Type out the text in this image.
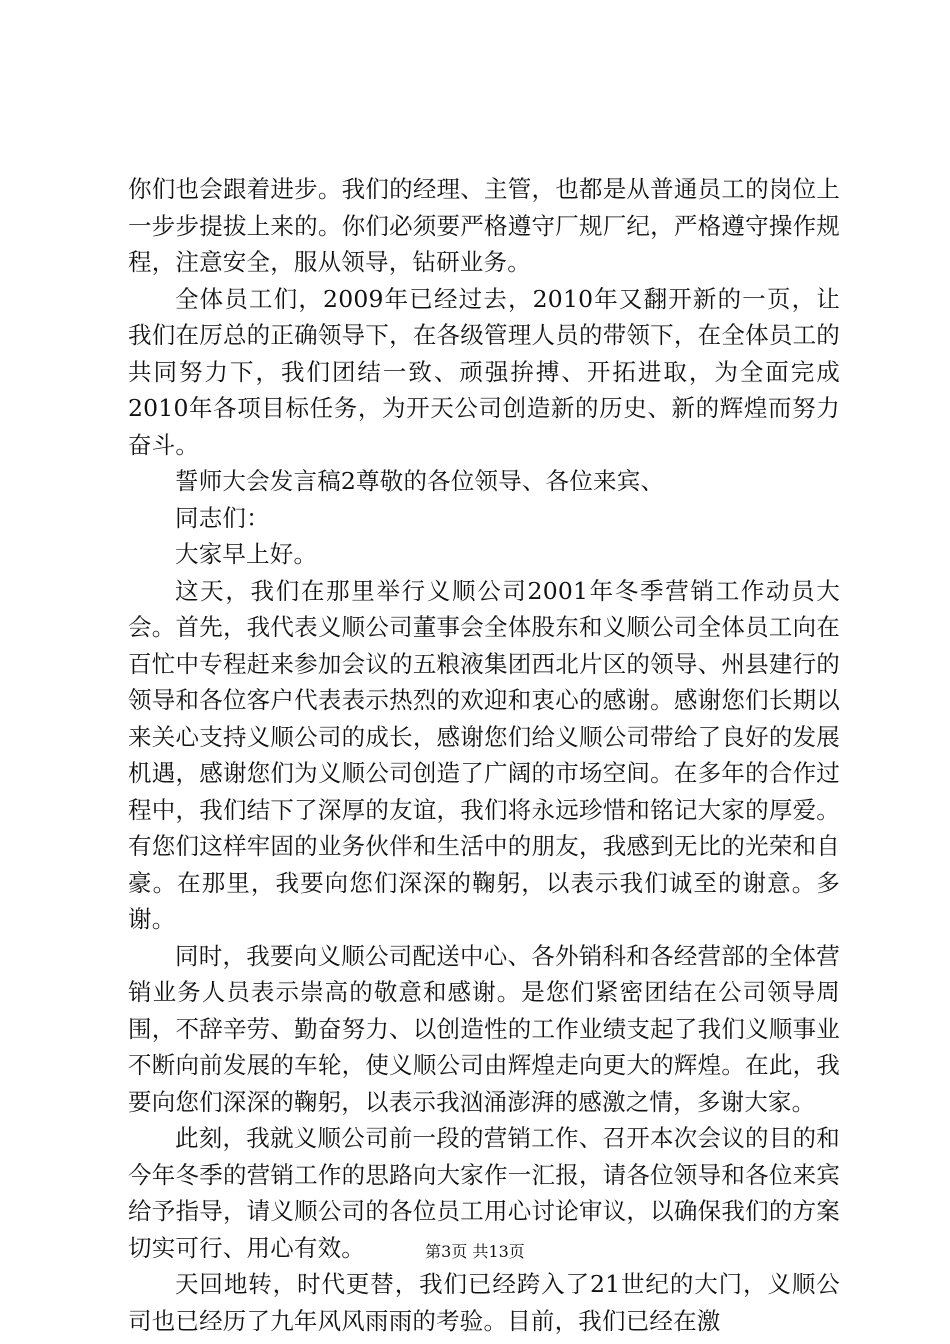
你们也会跟着进步。我们的经理、主管，也都是从普通员工的岗位上一步步提拔上来的。你们必须要严格遵守厂规厂纪，严格遵守操作规程，注意安全，服从领导，钻研业务。

全体员工们，2009年已经过去，2010年又翻开新的一页，让我们在厉总的正确领导下，在各级管理人员的带领下，在全体员工的共同努力下，我们团结一致、顽强拚搏、开拓进取，为全面完成2010年各项目标任务，为开天公司创造新的历史、新的辉煌而努力奋斗。

誓师大会发言稿2尊敬的各位领导、各位来宾、

同志们：

大家早上好。

这天，我们在那里举行义顺公司2001年冬季营销工作动员大会。首先，我代表义顺公司董事会全体股东和义顺公司全体员工向在百忙中专程赶来参加会议的五粮液集团西北片区的领导、州县建行的领导和各位客户代表表示热烈的欢迎和衷心的感谢。感谢您们长期以来关心支持义顺公司的成长，感谢您们给义顺公司带给了良好的发展机遇，感谢您们为义顺公司创造了广阔的市场空间。在多年的合作过程中，我们结下了深厚的友谊，我们将永远珍惜和铭记大家的厚爱。有您们这样牢固的业务伙伴和生活中的朋友，我感到无比的光荣和自豪。在那里，我要向您们深深的鞠躬，以表示我们诚至的谢意。多谢。

同时，我要向义顺公司配送中心、各外销科和各经营部的全体营销业务人员表示崇高的敬意和感谢。是您们紧密团结在公司领导周围，不辞辛劳、勤奋努力、以创造性的工作业绩支起了我们义顺事业不断向前发展的车轮，使义顺公司由辉煌走向更大的辉煌。在此，我要向您们深深的鞠躬，以表示我汹涌澎湃的感激之情，多谢大家。

此刻，我就义顺公司前一段的营销工作、召开本次会议的目的和今年冬季的营销工作的思路向大家作一汇报，请各位领导和各位来宾给予指导，请义顺公司的各位员工用心讨论审议，以确保我们的方案切实可行、用心有效。

天回地转，时代更替，我们已经跨入了21世纪的大门，义顺公司也已经历了九年风风雨雨的考验。目前，我们已经在激

第3页 共13页
